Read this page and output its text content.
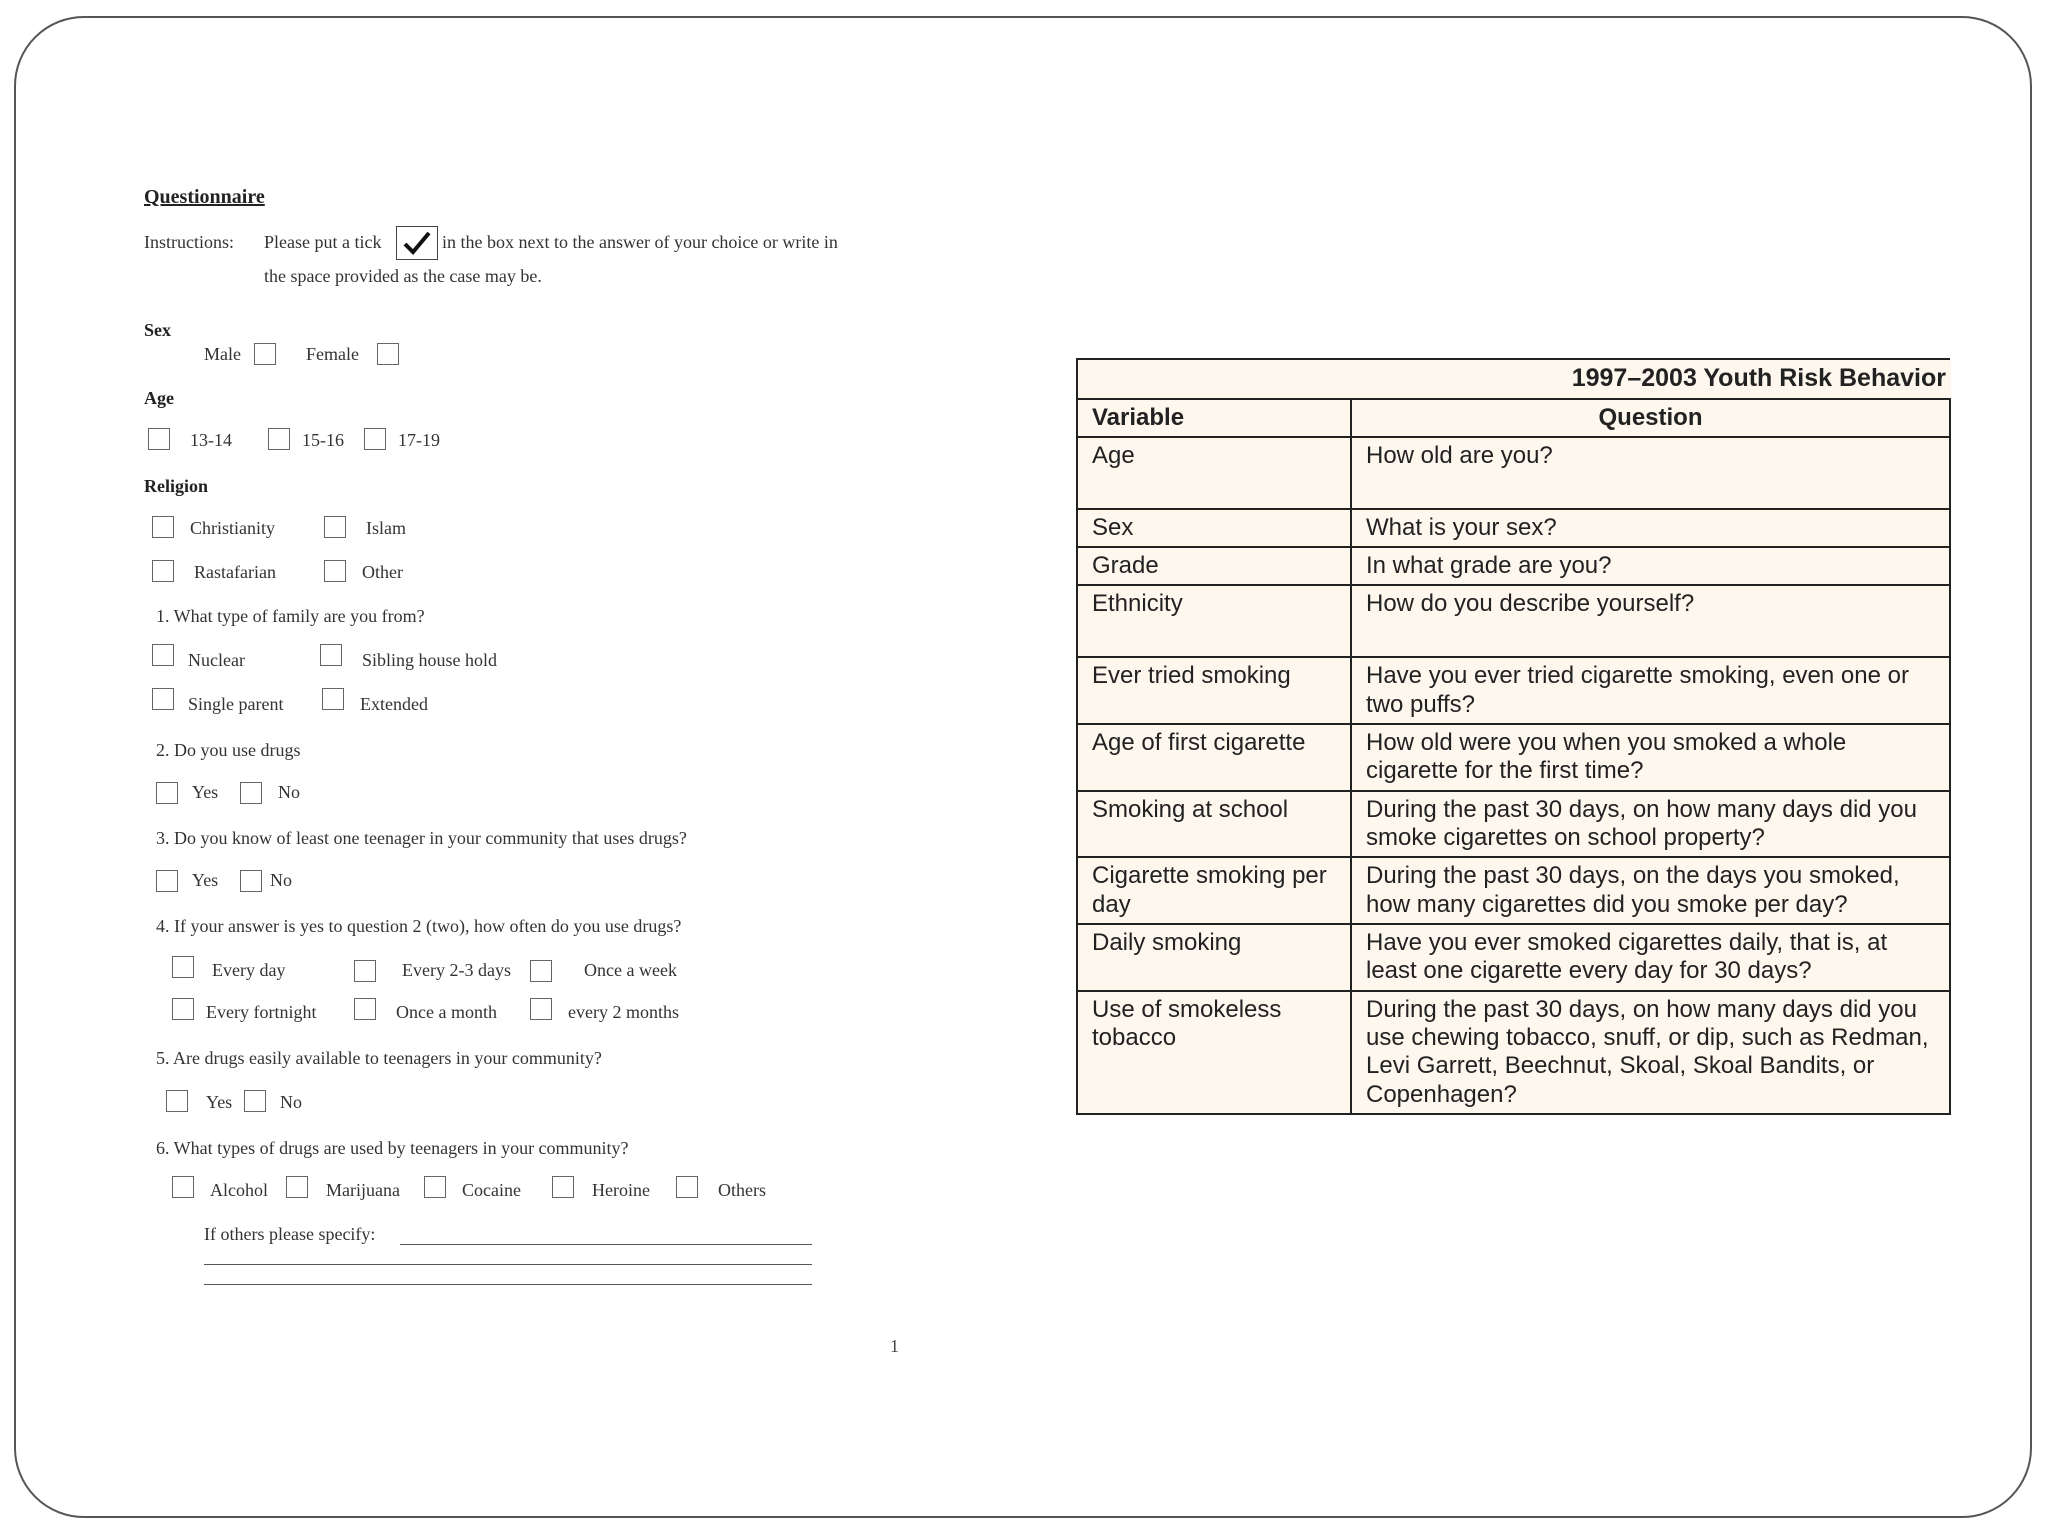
Questionnaire
Instructions: Please put a tick	in the box next to the answer of your choice or write in
the space provided as the case may be.
Sex
Male	Female
Age
13-14	15-16	17-19
Religion
Christianity	Islam
Rastafarian	Other
1. What type of family are you from?
Nuclear	Sibling house hold
Single parent	Extended
2. Do you use drugs
Yes	No
3. Do you know of least one teenager in your community that uses drugs?
Yes	No
4. If your answer is yes to question 2 (two), how often do you use drugs?
Every day	Every 2-3 days	Once a week
Every fortnight	Once a month	every 2 months
5. Are drugs easily available to teenagers in your community?
Yes	No
6. What types of drugs are used by teenagers in your community?
Alcohol	Marijuana	Cocaine	Heroine	Others
If others please specify:
1
1997–2003 Youth Risk Behavior	
Variable	Question
Age	How old are you?
Sex	What is your sex?
Grade	In what grade are you?
Ethnicity	How do you describe yourself?
Ever tried smoking	Have you ever tried cigarette smoking, even one or two puffs?
Age of first cigarette	How old were you when you smoked a whole cigarette for the first time?
Smoking at school	During the past 30 days, on how many days did you smoke cigarettes on school property?
Cigarette smoking per day	During the past 30 days, on the days you smoked, how many cigarettes did you smoke per day?
Daily smoking	Have you ever smoked cigarettes daily, that is, at least one cigarette every day for 30 days?
Use of smokeless tobacco	During the past 30 days, on how many days did you use chewing tobacco, snuff, or dip, such as Redman, Levi Garrett, Beechnut, Skoal, Skoal Bandits, or Copenhagen?
